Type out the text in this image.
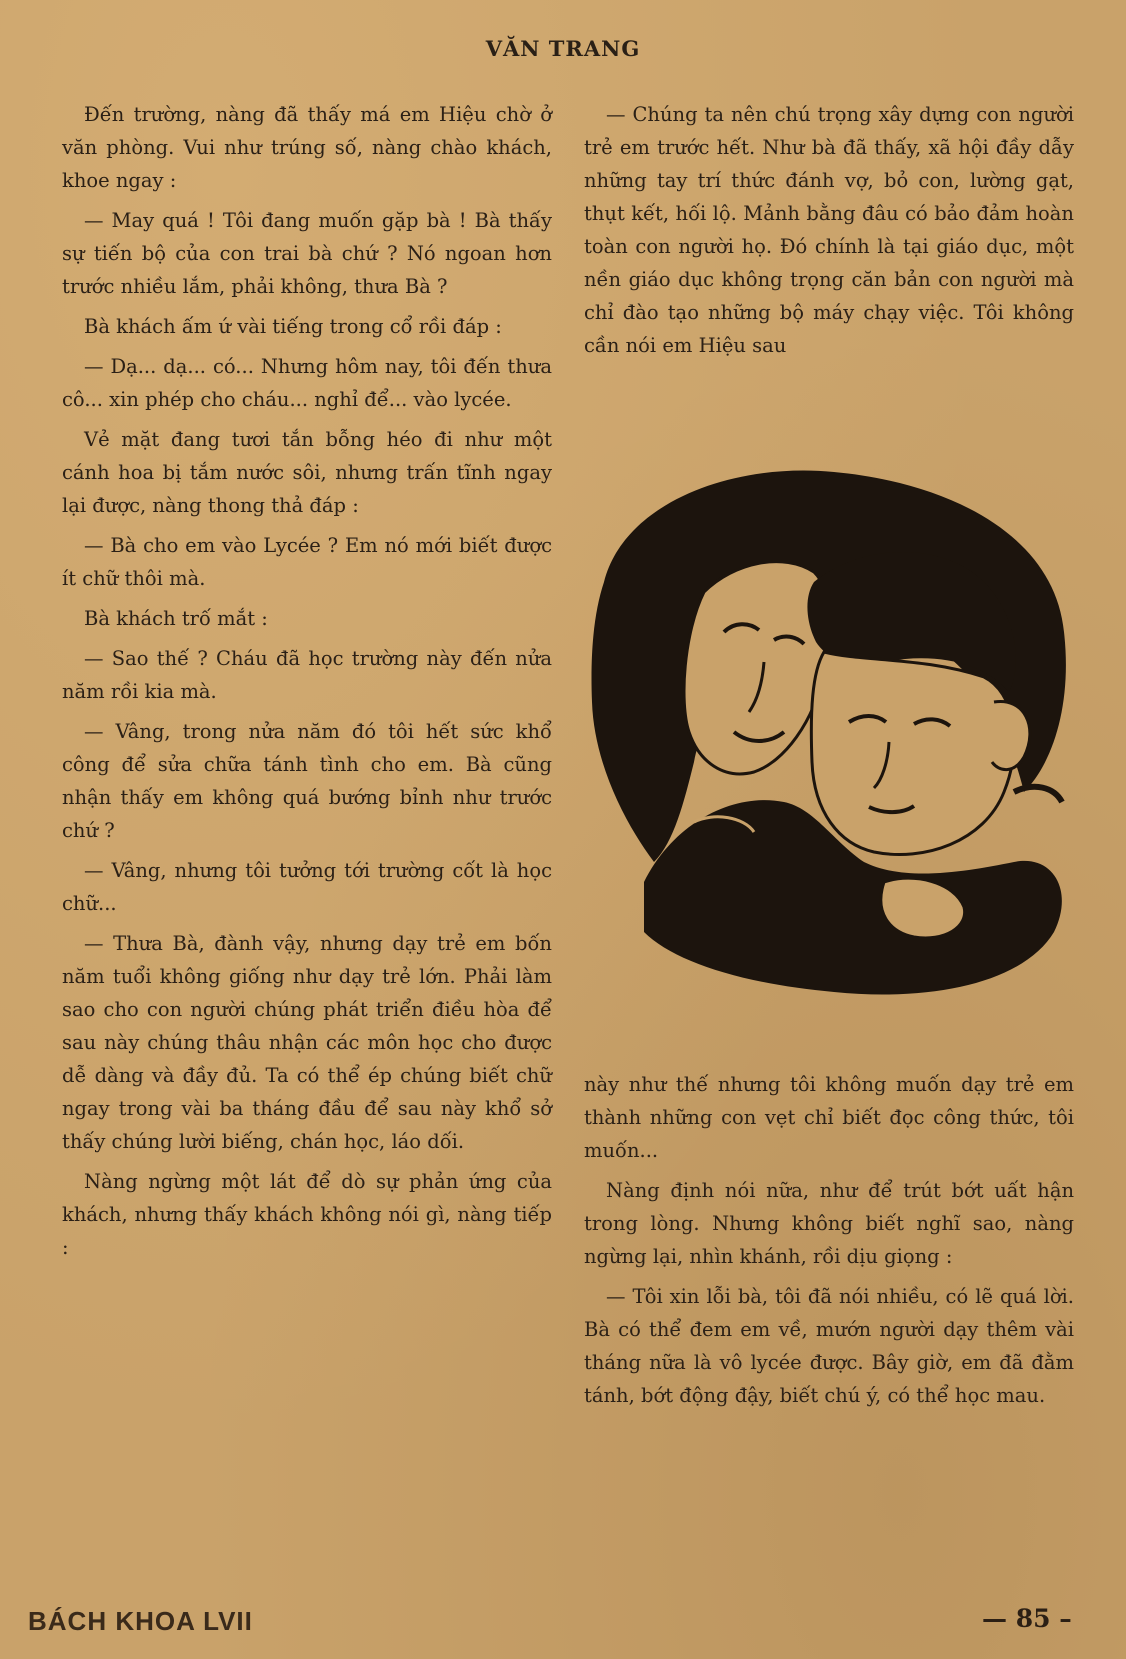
VĂN TRANG

Đến trường, nàng đã thấy má em Hiệu chờ ở văn phòng. Vui như trúng số, nàng chào khách, khoe ngay :

— May quá ! Tôi đang muốn gặp bà ! Bà thấy sự tiến bộ của con trai bà chứ ? Nó ngoan hơn trước nhiều lắm, phải không, thưa Bà ?

Bà khách ấm ứ vài tiếng trong cổ rồi đáp :

— Dạ... dạ... có... Nhưng hôm nay, tôi đến thưa cô... xin phép cho cháu... nghỉ để... vào lycée.

Vẻ mặt đang tươi tắn bỗng héo đi như một cánh hoa bị tắm nước sôi, nhưng trấn tĩnh ngay lại được, nàng thong thả đáp :

— Bà cho em vào Lycée ? Em nó mới biết được ít chữ thôi mà.

Bà khách trố mắt :

— Sao thế ? Cháu đã học trường này đến nửa năm rồi kia mà.

— Vâng, trong nửa năm đó tôi hết sức khổ công để sửa chữa tánh tình cho em. Bà cũng nhận thấy em không quá bướng bỉnh như trước chứ ?

— Vâng, nhưng tôi tưởng tới trường cốt là học chữ...

— Thưa Bà, đành vậy, nhưng dạy trẻ em bốn năm tuổi không giống như dạy trẻ lớn. Phải làm sao cho con người chúng phát triển điều hòa để sau này chúng thâu nhận các môn học cho được dễ dàng và đầy đủ. Ta có thể ép chúng biết chữ ngay trong vài ba tháng đầu để sau này khổ sở thấy chúng lười biếng, chán học, láo dối.

Nàng ngừng một lát để dò sự phản ứng của khách, nhưng thấy khách không nói gì, nàng tiếp :

— Chúng ta nên chú trọng xây dựng con người trẻ em trước hết. Như bà đã thấy, xã hội đầy dẫy những tay trí thức đánh vợ, bỏ con, lường gạt, thụt kết, hối lộ. Mảnh bằng đâu có bảo đảm hoàn toàn con người họ. Đó chính là tại giáo dục, một nền giáo dục không trọng căn bản con người mà chỉ đào tạo những bộ máy chạy việc. Tôi không cần nói em Hiệu sau

này như thế nhưng tôi không muốn dạy trẻ em thành những con vẹt chỉ biết đọc công thức, tôi muốn...

Nàng định nói nữa, như để trút bớt uất hận trong lòng. Nhưng không biết nghĩ sao, nàng ngừng lại, nhìn khánh, rồi dịu giọng :

— Tôi xin lỗi bà, tôi đã nói nhiều, có lẽ quá lời. Bà có thể đem em về, mướn người dạy thêm vài tháng nữa là vô lycée được. Bây giờ, em đã đằm tánh, bớt động đậy, biết chú ý, có thể học mau.

BÁCH KHOA LVII	— 85 –
